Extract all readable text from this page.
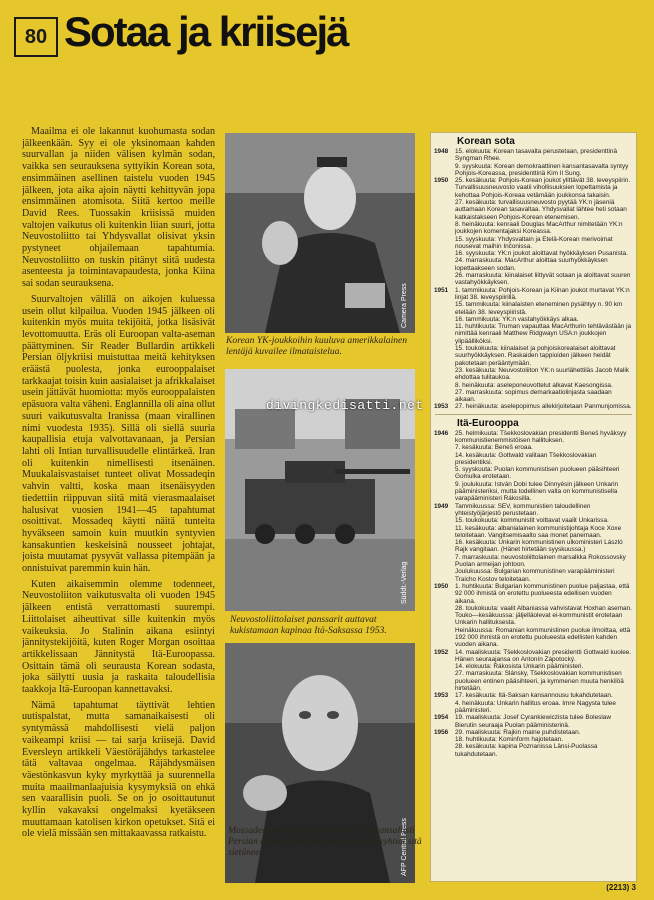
80 Sotaa ja kriisejä

Maailma ei ole lakannut kuohumasta sodan jälkeenkään. Syy ei ole yksinomaan kahden suurvallan ja niiden välisen kylmän sodan, vaikka sen seurauksena syttyikin Korean sota, ensimmäinen asellinen taistelu vuoden 1945 jälkeen, jota aika ajoin näytti kehittyvän jopa ensimmäinen atomisota. Siitä kertoo meille David Rees. Tuossakin kriisissä muiden valtojen vaikutus oli kuitenkin liian suuri, jotta Neuvostoliitto tai Yhdysvallat olisivat yksin pystyneet ohjailemaan tapahtumia. Neuvostoliitto on tuskin pitänyt siitä uudesta asenteesta ja toimintavapaudesta, jonka Kiina sai sodan seurauksena.

Suurvaltojen välillä on aikojen kuluessa usein ollut kilpailua. Vuoden 1945 jälkeen oli kuitenkin myös muita tekijöitä, jotka lisäsivät levottomuutta. Eräs oli Euroopan valta-aseman päättyminen. Sir Reader Bullardin artikkeli Persian öljykriisi muistuttaa meitä kehityksen eräästä puolesta, jonka eurooppalaiset tarkkaajat toisin kuin aasialaiset ja afrikkalaiset usein jättävät huomiotta: myös eurooppalaisten epäsuora valta väheni. Englannilla oli aina ollut suuri vaikutusvalta Iranissa (maan virallinen nimi vuodesta 1935). Sillä oli siellä suuria kaupallisia etuja valvottavanaan, ja Persian lahti oli Intian turvallisuudelle elintärkeä. Iran oli kuitenkin nimellisesti itsenäinen. Muukalaisvastaiset tunteet olivat Mossadeqin vahvin valtti, koska maan itsenäisyyden tiedettiin riippuvan siitä mitä vierasmaalaiset halusivat vuosien 1941—45 tapahtumat osoittivat. Mossadeq käytti näitä tunteita hyväkseen samoin kuin muutkin syntyvien kansakuntien keskeisinä nousseet johtajat, joista muutamat pysyvät vallassa pitempään ja onnistuivat paremmin kuin hän.

Kuten aikaisemmin olemme todenneet, Neuvostoliiton vaikutusvalta oli vuoden 1945 jälkeen entistä verrattomasti suurempi. Liittolaiset aiheuttivat sille kuitenkin myös vaikeuksia. Jo Stalinin aikana esiintyi jännitystekijöitä, kuten Roger Morgan osoittaa artikkelissaan Jännitystä Itä-Euroopassa. Osittain tämä oli seurausta Korean sodasta, joka säilytti uusia ja raskaita taloudellisia taakkoja Itä-Euroopan kannettavaksi.

Nämä tapahtumat täyttivät lehtien uutispalstat, mutta samanaikaisesti oli syntymässä mahdollisesti vielä paljon vaikeampi kriisi — tai sarja kriisejä. David Eversleyn artikkeli Väestöräjähdys tarkastelee tätä valtavaa ongelmaa. Räjähdysmäisen väestönkasvun kyky myrkyttää ja suurennella muita maailmanlaajuisia kysymyksiä on ehkä sen vaarallisin puoli. Se on jo osoittautunut kyllin vakavaksi ongelmaksi kyetäkseen muuttamaan katolisen kirkon opetukset. Sitä ei ole vielä missään sen mittakaavassa ratkaistu.

Camera Press
Korean YK-joukkoihin kuuluva amerikkalainen lentäjä kuvailee ilmataistelua.
Süddt.-Verlag
Neuvostoliittolaiset panssarit auttavat kukistamaan kapinaa Itä-Saksassa 1953.
AFP Central Press
Mossadeq oikeudenkäynnissään. Hän kansallisti Persian öljyn eivätkä kansainväliset öljyyhtiöt sitä sietäneet.
divingkedisatti.net
Korean sota
1948	15. elokuuta: Korean tasavalta perustetaan, presidenttinä Syngman Rhee.
9. syyskuuta: Korean demokraattinen kansantasavalta syntyy Pohjois-Koreassa, presidenttinä Kim Il Sung.
1950	25. kesäkuuta: Pohjois-Korean joukot ylittävät 38. leveyspiirin. Turvallisuusneuvosto vaatii vihollisuuksien lopettamista ja kehottaa Pohjois-Koreaa vetämään joukkonsa takaisin.
27. kesäkuuta: turvallisuusneuvosto pyytää YK:n jäseniä auttamaan Korean tasavaltaa. Yhdysvallat lähtee heti sotaan katkaistakseen Pohjois-Korean etenemisen.
8. heinäkuuta: kenraali Douglas MacArthur nimitetään YK:n joukkojen komentajaksi Koreassa.
15. syyskuuta: Yhdysvaltain ja Etelä-Korean merivoimat nousevat maihin Inčonissa.
16. syyskuuta: YK:n joukot aloittavat hyökkäyksen Pusanista.
24. marraskuuta: MacArthur aloittaa suurhyökkäyksen lopettaakseen sodan.
26. marraskuuta: kiinalaiset liittyvät sotaan ja aloittavat suuren vastahyökkäyksen.
1951	1. tammikuuta: Pohjois-Korean ja Kiinan joukot murtavat YK:n linjat 38. leveyspiirillä.
15. tammikuuta: kiinalaisten eteneminen pysähtyy n. 90 km etelään 38. leveyspiiristä.
16. tammikuuta: YK:n vastahyökkäys alkaa.
11. huhtikuuta: Truman vapauttaa MacArthurin tehtävästään ja nimittää kenraali Matthew Ridgwayn USA:n joukkojen ylipäälliköksi.
15. toukokuuta: kiinalaiset ja pohjoiskorealaiset aloittavat suurhyökkäyksen. Raskaiden tappioiden jälkeen heidät pakotetaan perääntymään.
23. kesäkuuta: Neuvostoliiton YK:n suurlähettiläs Jacob Malik ehdottaa tulitaukoa.
8. heinäkuuta: aseleponeuvottelut alkavat Kaesongissa.
27. marraskuuta: sopimus demarkaatiolinjasta saadaan aikaan.
1953	27. heinäkuuta: aselepopimus allekirjoitetaan Panmunjomissa.
Itä-Eurooppa
1946	25. helmikuuta: Tšekkoslovakian presidentti Beneš hyväksyy kommunistienemmistöisen hallituksen.
7. kesäkuuta: Beneš eroaa.
14. kesäkuuta: Gottwald valitaan Tšekkoslovakian presidentiksi.
5. syyskuuta: Puolan kommunistisen puolueen pääsihteeri Gomulka erotetaan.
9. joulukuuta: István Dobi tulee Dinnyésin jälkeen Unkarin pääministeriksi, mutta todellinen valta on kommunistisella varapääministeri Rákosilla.
1949	Tammikuussa: SEV, kommunistien taloudellinen yhteistyöjärjestö perustetaan.
15. toukokuuta: kommunistit voittavat vaalit Unkarissa.
11. kesäkuuta: albanialainen kommunistijohtaja Koce Xoxe teloitetaan. Vangitsemisaalto saa monet panemaan.
16. kesäkuuta: Unkarin kommunistinen ulkoministeri László Rajk vangitaan. (Hänet hirtetään syyskuussa.)
7. marraskuuta: neuvostoliittolainen marsalkka Rokossovsky Puolan armeijan johtoon.
Joulukuussa: Bulgarian kommunistinen varapääministeri Traicho Kostov teloitetaan.
1950	1. huhtikuuta: Bulgarian kommunistinen puolue paljastaa, että 92 000 ihmistä on erotettu puolueesta edellisen vuoden aikana.
28. toukokuuta: vaalit Albaniassa vahvistavat Hoxhan aseman.
Touko—kesäkuussa: jäljelläolevat ei-kommunistit erotetaan Unkarin hallituksesta.
Heinäkuussa: Romanian kommunistinen puolue ilmoittaa, että 192 000 ihmistä on erotettu puolueesta edellisten kahden vuoden aikana.
1952	14. maaliskuuta: Tšekkoslovakian presidentti Gottwald kuolee. Hänen seuraajansa on Antonín Zápotocký.
14. elokuuta: Rákosista Unkarin pääministeri.
27. marraskuuta: Slánsky, Tšekkoslovakian kommunistisen puolueen entinen pääsihteeri, ja kymmenen muuta henkilöä hirtetään.
1953	17. kesäkuuta: Itä-Saksan kansannousu tukahdutetaan.
4. heinäkuuta: Unkarin hallitus eroaa. Imre Nagysta tulee pääministeri.
1954	19. maaliskuuta: Josef Cyrankiewiczista tulee Boleslaw Bierutin seuraaja Puolan pääministerinä.
1956	29. maaliskuuta: Rajkin maine puhdistetaan.
18. huhtikuuta: Kominform hajotetaan.
28. kesäkuuta: kapina Poznanissa Länsi-Puolassa tukahdutetaan.
(2213) 3
